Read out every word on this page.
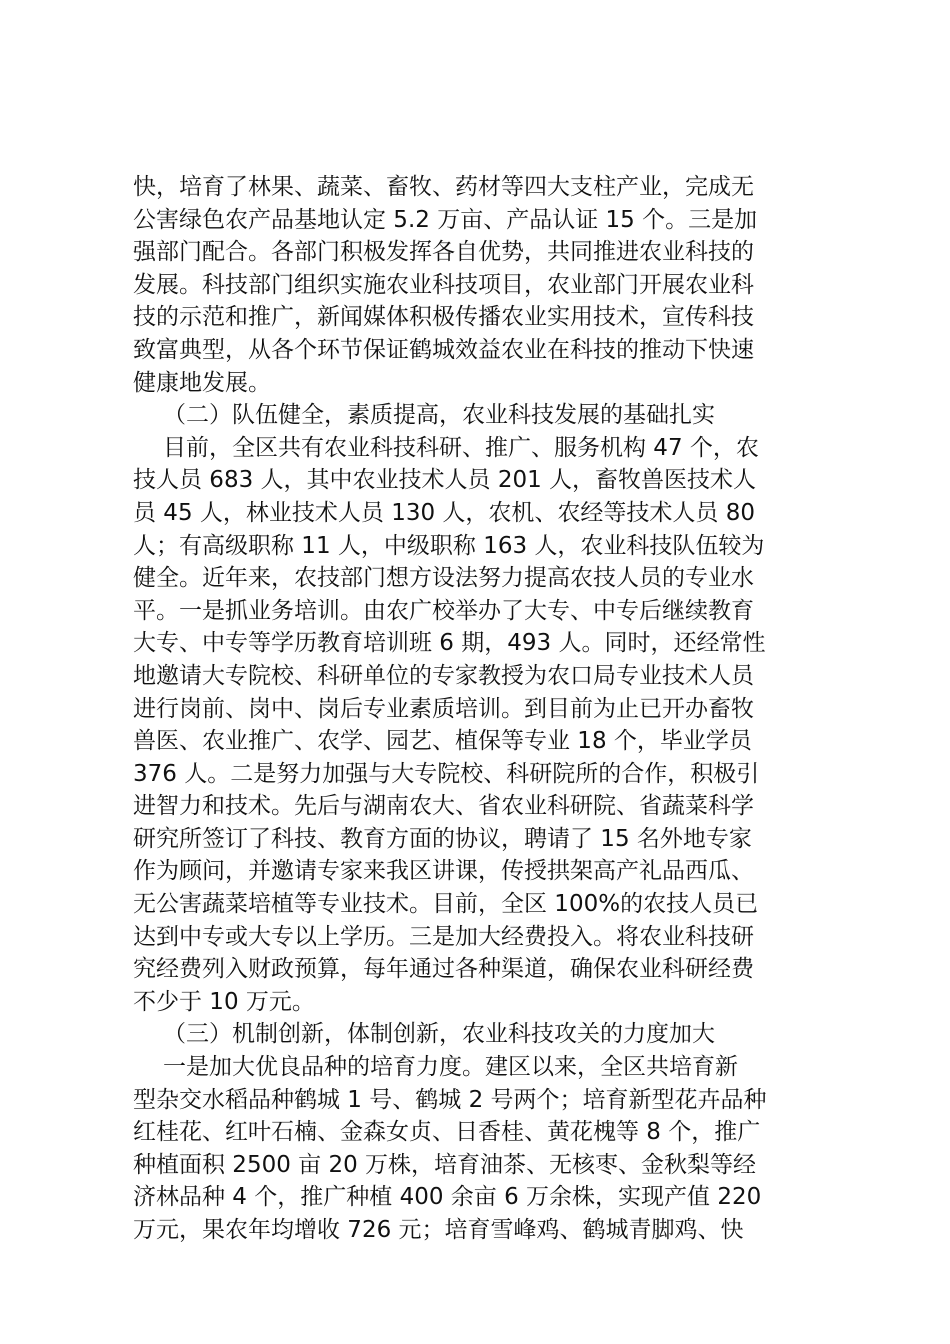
快，培育了林果、蔬菜、畜牧、药材等四大支柱产业，完成无
公害绿色农产品基地认定 5.2 万亩、产品认证 15 个。三是加
强部门配合。各部门积极发挥各自优势，共同推进农业科技的
发展。科技部门组织实施农业科技项目，农业部门开展农业科
技的示范和推广，新闻媒体积极传播农业实用技术，宣传科技
致富典型，从各个环节保证鹤城效益农业在科技的推动下快速
健康地发展。
（二）队伍健全，素质提高，农业科技发展的基础扎实
目前，全区共有农业科技科研、推广、服务机构 47 个，农
技人员 683 人，其中农业技术人员 201 人，畜牧兽医技术人
员 45 人，林业技术人员 130 人，农机、农经等技术人员 80
人；有高级职称 11 人，中级职称 163 人，农业科技队伍较为
健全。近年来，农技部门想方设法努力提高农技人员的专业水
平。一是抓业务培训。由农广校举办了大专、中专后继续教育
大专、中专等学历教育培训班 6 期，493 人。同时，还经常性
地邀请大专院校、科研单位的专家教授为农口局专业技术人员
进行岗前、岗中、岗后专业素质培训。到目前为止已开办畜牧
兽医、农业推广、农学、园艺、植保等专业 18 个，毕业学员
376 人。二是努力加强与大专院校、科研院所的合作，积极引
进智力和技术。先后与湖南农大、省农业科研院、省蔬菜科学
研究所签订了科技、教育方面的协议，聘请了 15 名外地专家
作为顾问，并邀请专家来我区讲课，传授拱架高产礼品西瓜、
无公害蔬菜培植等专业技术。目前，全区 100%的农技人员已
达到中专或大专以上学历。三是加大经费投入。将农业科技研
究经费列入财政预算，每年通过各种渠道，确保农业科研经费
不少于 10 万元。
（三）机制创新，体制创新，农业科技攻关的力度加大
一是加大优良品种的培育力度。建区以来，全区共培育新
型杂交水稻品种鹤城 1 号、鹤城 2 号两个；培育新型花卉品种
红桂花、红叶石楠、金森女贞、日香桂、黄花槐等 8 个，推广
种植面积 2500 亩 20 万株，培育油茶、无核枣、金秋梨等经
济林品种 4 个，推广种植 400 余亩 6 万余株，实现产值 220
万元，果农年均增收 726 元；培育雪峰鸡、鹤城青脚鸡、快
